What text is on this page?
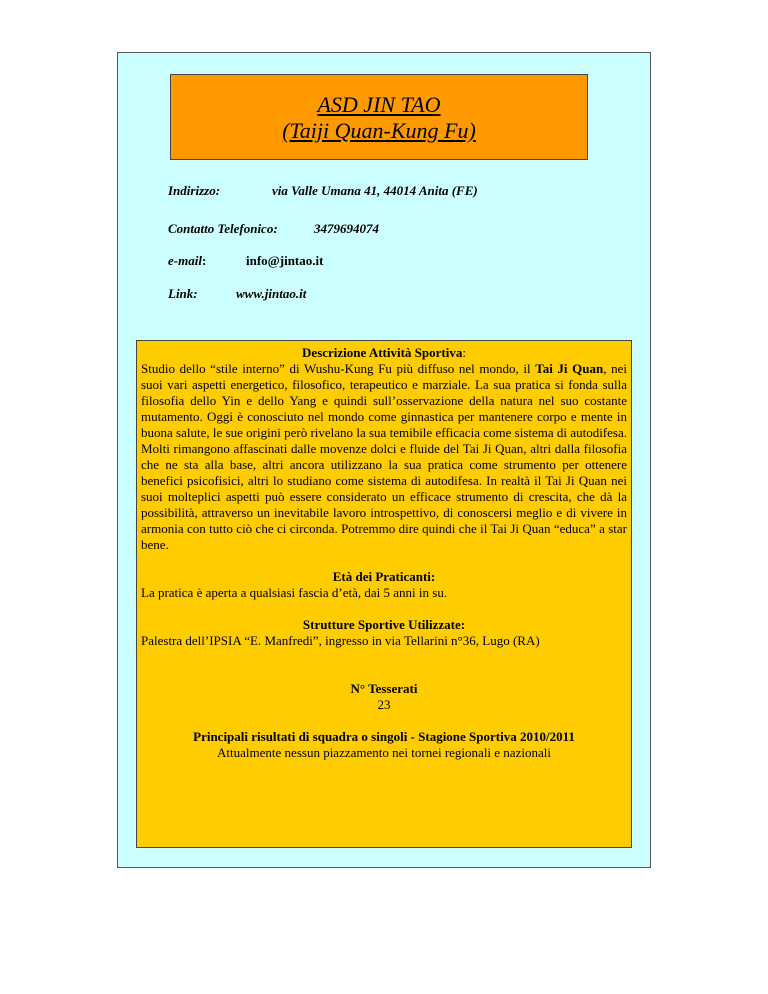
ASD JIN TAO
(Taiji Quan-Kung Fu)
Indirizzo:	via Valle Umana 41, 44014 Anita (FE)
Contatto Telefonico:	3479694074
e-mail:	info@jintao.it
Link:	www.jintao.it
Descrizione Attività Sportiva:
Studio dello “stile interno” di Wushu-Kung Fu più diffuso nel mondo, il Tai Ji Quan, nei suoi vari aspetti energetico, filosofico, terapeutico e marziale. La sua pratica si fonda sulla filosofia dello Yin e dello Yang e quindi sull’osservazione della natura nel suo costante mutamento. Oggi è conosciuto nel mondo come ginnastica per mantenere corpo e mente in buona salute, le sue origini però rivelano la sua temibile efficacia come sistema di autodifesa. Molti rimangono affascinati dalle movenze dolci e fluide del Tai Ji Quan, altri dalla filosofia che ne sta alla base, altri ancora utilizzano la sua pratica come strumento per ottenere benefici psicofisici, altri lo studiano come sistema di autodifesa. In realtà il Tai Ji Quan nei suoi molteplici aspetti può essere considerato un efficace strumento di crescita, che dà la possibilità, attraverso un inevitabile lavoro introspettivo, di conoscersi meglio e di vivere in armonia con tutto ciò che ci circonda. Potremmo dire quindi che il Tai Ji Quan “educa” a star bene.
Età dei Praticanti:
La pratica è aperta a qualsiasi fascia d’età, dai 5 anni in su.
Strutture Sportive Utilizzate:
Palestra dell’IPSIA “E. Manfredi”, ingresso in via Tellarini n°36, Lugo (RA)
N° Tesserati
23
Principali risultati di squadra o singoli - Stagione Sportiva 2010/2011
Attualmente nessun piazzamento nei tornei regionali e nazionali
